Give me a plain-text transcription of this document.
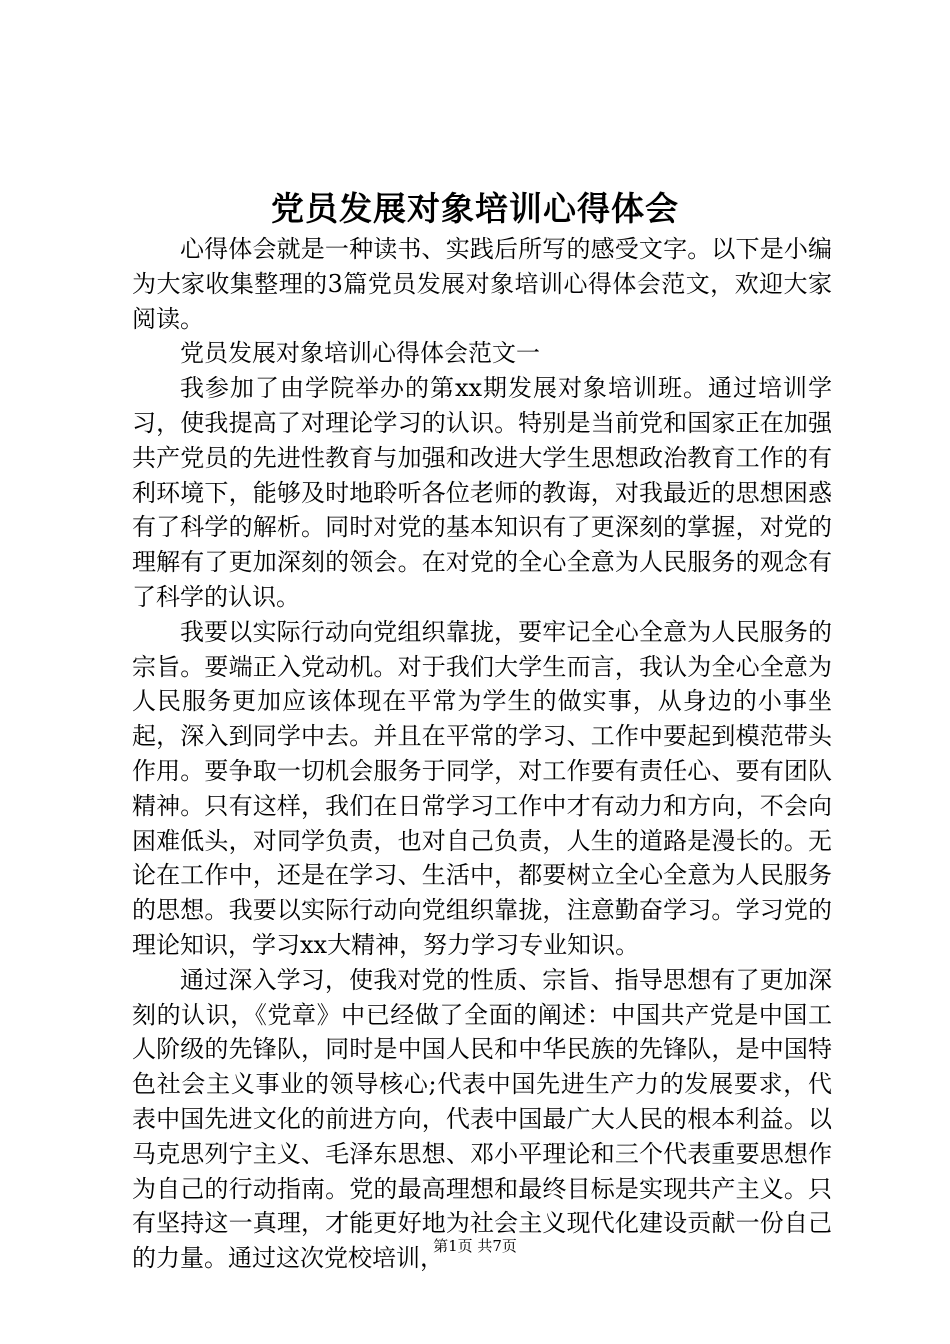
党员发展对象培训心得体会

心得体会就是一种读书、实践后所写的感受文字。以下是小编为大家收集整理的3篇党员发展对象培训心得体会范文，欢迎大家阅读。

党员发展对象培训心得体会范文一

我参加了由学院举办的第xx期发展对象培训班。通过培训学习，使我提高了对理论学习的认识。特别是当前党和国家正在加强共产党员的先进性教育与加强和改进大学生思想政治教育工作的有利环境下，能够及时地聆听各位老师的教诲，对我最近的思想困惑有了科学的解析。同时对党的基本知识有了更深刻的掌握，对党的理解有了更加深刻的领会。在对党的全心全意为人民服务的观念有了科学的认识。

我要以实际行动向党组织靠拢，要牢记全心全意为人民服务的宗旨。要端正入党动机。对于我们大学生而言，我认为全心全意为人民服务更加应该体现在平常为学生的做实事，从身边的小事坐起，深入到同学中去。并且在平常的学习、工作中要起到模范带头作用。要争取一切机会服务于同学，对工作要有责任心、要有团队精神。只有这样，我们在日常学习工作中才有动力和方向，不会向困难低头，对同学负责，也对自己负责，人生的道路是漫长的。无论在工作中，还是在学习、生活中，都要树立全心全意为人民服务的思想。我要以实际行动向党组织靠拢，注意勤奋学习。学习党的理论知识，学习xx大精神，努力学习专业知识。

通过深入学习，使我对党的性质、宗旨、指导思想有了更加深刻的认识，《党章》中已经做了全面的阐述：中国共产党是中国工人阶级的先锋队，同时是中国人民和中华民族的先锋队，是中国特色社会主义事业的领导核心;代表中国先进生产力的发展要求，代表中国先进文化的前进方向，代表中国最广大人民的根本利益。以马克思列宁主义、毛泽东思想、邓小平理论和三个代表重要思想作为自己的行动指南。党的最高理想和最终目标是实现共产主义。只有坚持这一真理，才能更好地为社会主义现代化建设贡献一份自己的力量。通过这次党校培训，

第1页 共7页
